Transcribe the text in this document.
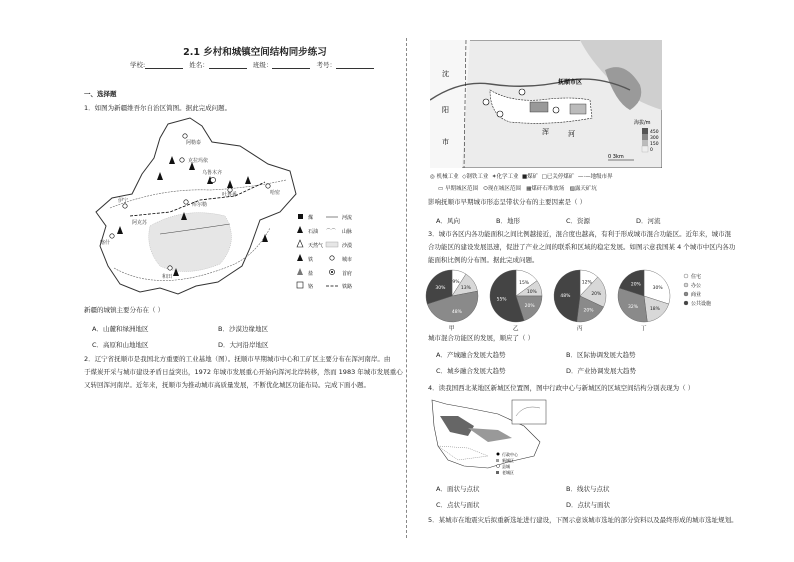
2.1 乡村和城镇空间结构同步练习
学校:	姓名：	班级：	考号：
一、选择题
1．如图为新疆维吾尔自治区简图。据此完成问题。
阿勒泰
克拉玛依
乌鲁木齐
吐鲁番	哈密
伊宁
库尔勒
阿克苏
喀什
和田
煤
石油
天然气
铁
盐
铬
河流
⌒⌒ 山脉
沙漠
城市
首府
铁路
新疆的城镇主要分布在（ ）
A．山麓和绿洲地区	B．沙漠边缘地区
C．高原和山地地区	D．大河沿岸地区
2．辽宁省抚顺市是我国北方重要的工业基地（图）。抚顺市早期城市中心和工矿区主要分布在浑河南岸。由
于煤炭开采与城市建设矛盾日益突出，1972 年城市发展重心开始向浑河北岸转移，然而 1983 年城市发展重心
又转回浑河南岸。近年来，抚顺市为推动城市高质量发展，不断优化城区功能布局。完成下面小题。
沈
阳
市
抚顺市区
浑	河
海拔/m
450
300
150
0
0 3km
◎ 机械工业 ◇钢铁工业 ✶化学工业 ■煤矿 □已关停煤矿 —·—地级市界
▭ 早期城区范围 ⬭现在城区范围 ▦煤矸石堆放场 ▨露天矿坑
影响抚顺市早期城市形态呈带状分布的主要因素是（ ）
A．风向	B．地形	C．资源	D．河流
3．城市各区内各功能面积之间比例越接近，混合度也越高，有利于形成城市混合功能区。近年来，城市混
合功能区的建设发展迅速，促进了产业之间的联系和区域的稳定发展。如图示意我国某 4 个城市中区内各功
能面积比例的分布图。据此完成问题。
9%
13%
48%
30%
甲
15%
10%
20%
55%
乙
12%
20%
20%
48%
丙
30%
18%
32%
20%
丁
住宅
办公
商业
公共设施
城市混合功能区的发展，顺应了（ ）
A．产城融合发展大趋势	B．区际协调发展大趋势
C．城乡融合发展大趋势	D．产业协调发展大趋势
4．读我国西北某地区新城区位置图，图中行政中心与新城区的区域空间结构分别表现为（ ）
行政中心
新城区
县城
老城区
A．面状与点状	B．线状与点状
C．点状与面状	D．点状与面状
5．某城市在地震灾后拟重新选址进行建设，下图示意该城市选址的部分资料以及最终形成的城市选址规划。
